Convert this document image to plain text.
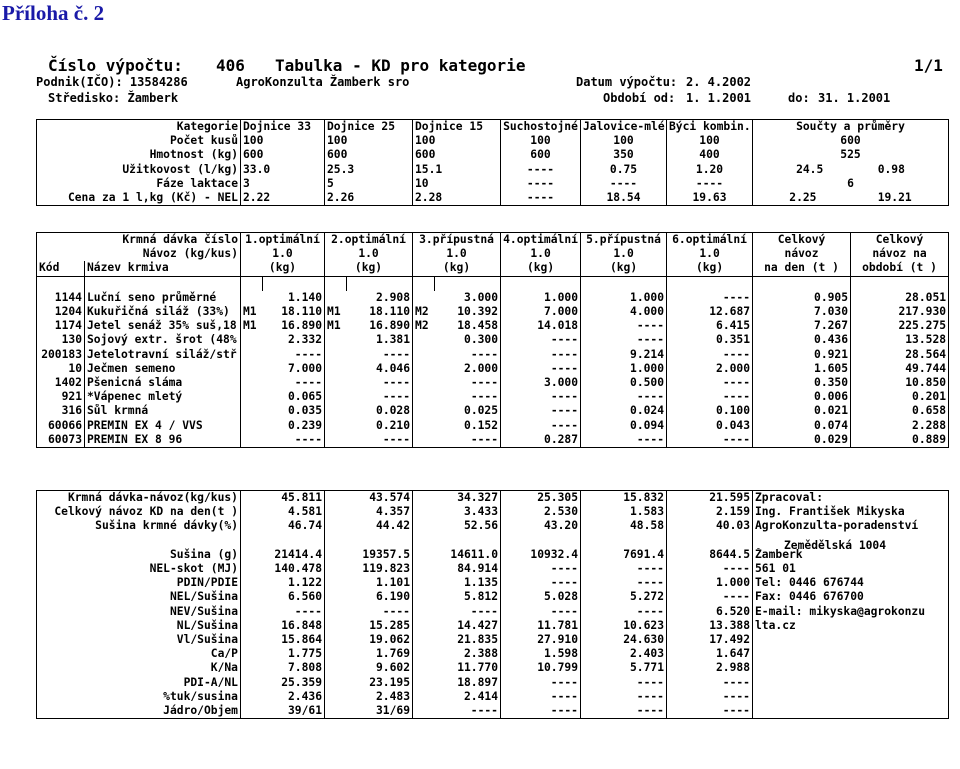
Příloha č. 2
Číslo výpočtu: 406 Tabulka - KD pro kategorie	1/1
Podnik(IČO): 13584286	AgroKonzulta Žamberk sro	Datum výpočtu: 2. 4.2002
Středisko: Žamberk	Období od: 1. 1.2001	do: 31. 1.2001
Kategorie	Dojnice 33	Dojnice 25	Dojnice 15	Suchostojné	Jalovice-mlé	Býci kombin.	Součty a průměry
Počet kusů	100	100	100	100	100	100	600
Hmotnost (kg)	600	600	600	600	350	400	525
Užitkovost (l/kg)	33.0	25.3	15.1	----	0.75	1.20	24.5 0.98
Fáze laktace	3	5	10	----	----	----	6
Cena za 1 l,kg (Kč) - NEL	2.22	2.26	2.28	----	18.54	19.63	2.25 19.21
	Krmná dávka číslo	1.optimální		2.optimální		3.přípustná		4.optimální	5.přípustná	6.optimální	Celkový	Celkový
	Návoz (kg/kus)	1.0		1.0		1.0		1.0	1.0	1.0	návoz	návoz na
Kód	Název krmiva	(kg)		(kg)		(kg)		(kg)	(kg)	(kg)	na den (t )	období (t )

1144	Luční seno průměrné		1.140		2.908		3.000	1.000	1.000	----	0.905	28.051
1204	Kukuřičná siláž (33%)	M1	18.110	M1	18.110	M2	10.392	7.000	4.000	12.687	7.030	217.930
1174	Jetel senáž 35% suš,18	M1	16.890	M1	16.890	M2	18.458	14.018	----	6.415	7.267	225.275
130	Sojový extr. šrot (48%		2.332		1.381		0.300	----	----	0.351	0.436	13.528
200183	Jetelotravní siláž/stř		----		----		----	----	9.214	----	0.921	28.564
10	Ječmen semeno		7.000		4.046		2.000	----	1.000	2.000	1.605	49.744
1402	Pšenicná sláma		----		----		----	3.000	0.500	----	0.350	10.850
921	*Vápenec mletý		0.065		----		----	----	----	----	0.006	0.201
316	Sůl krmná		0.035		0.028		0.025	----	0.024	0.100	0.021	0.658
60066	PREMIN EX 4 / VVS		0.239		0.210		0.152	----	0.094	0.043	0.074	2.288
60073	PREMIN EX 8 96		----		----		----	0.287	----	----	0.029	0.889
Krmná dávka-návoz(kg/kus)	45.811	43.574	34.327	25.305	15.832	21.595	Zpracoval:
Celkový návoz KD na den(t )	4.581	4.357	3.433	2.530	1.583	2.159	Ing. František Mikyska
Sušina krmné dávky(%)	46.74	44.42	52.56	43.20	48.58	40.03	AgroKonzulta-poradenství

Sušina (g)	21414.4	19357.5	14611.0	10932.4	7691.4	8644.5	Žamberk
NEL-skot (MJ)	140.478	119.823	84.914	----	----	----	561 01
PDIN/PDIE	1.122	1.101	1.135	----	----	1.000	Tel: 0446 676744
NEL/Sušina	6.560	6.190	5.812	5.028	5.272	----	Fax: 0446 676700
NEV/Sušina	----	----	----	----	----	6.520	E-mail: mikyska@agrokonzu
NL/Sušina	16.848	15.285	14.427	11.781	10.623	13.388	lta.cz
Vl/Sušina	15.864	19.062	21.835	27.910	24.630	17.492	
Ca/P	1.775	1.769	2.388	1.598	2.403	1.647	
K/Na	7.808	9.602	11.770	10.799	5.771	2.988	
PDI-A/NL	25.359	23.195	18.897	----	----	----	
%tuk/susina	2.436	2.483	2.414	----	----	----	
Jádro/Objem	39/61	31/69	----	----	----	----	
Zemědělská 1004
